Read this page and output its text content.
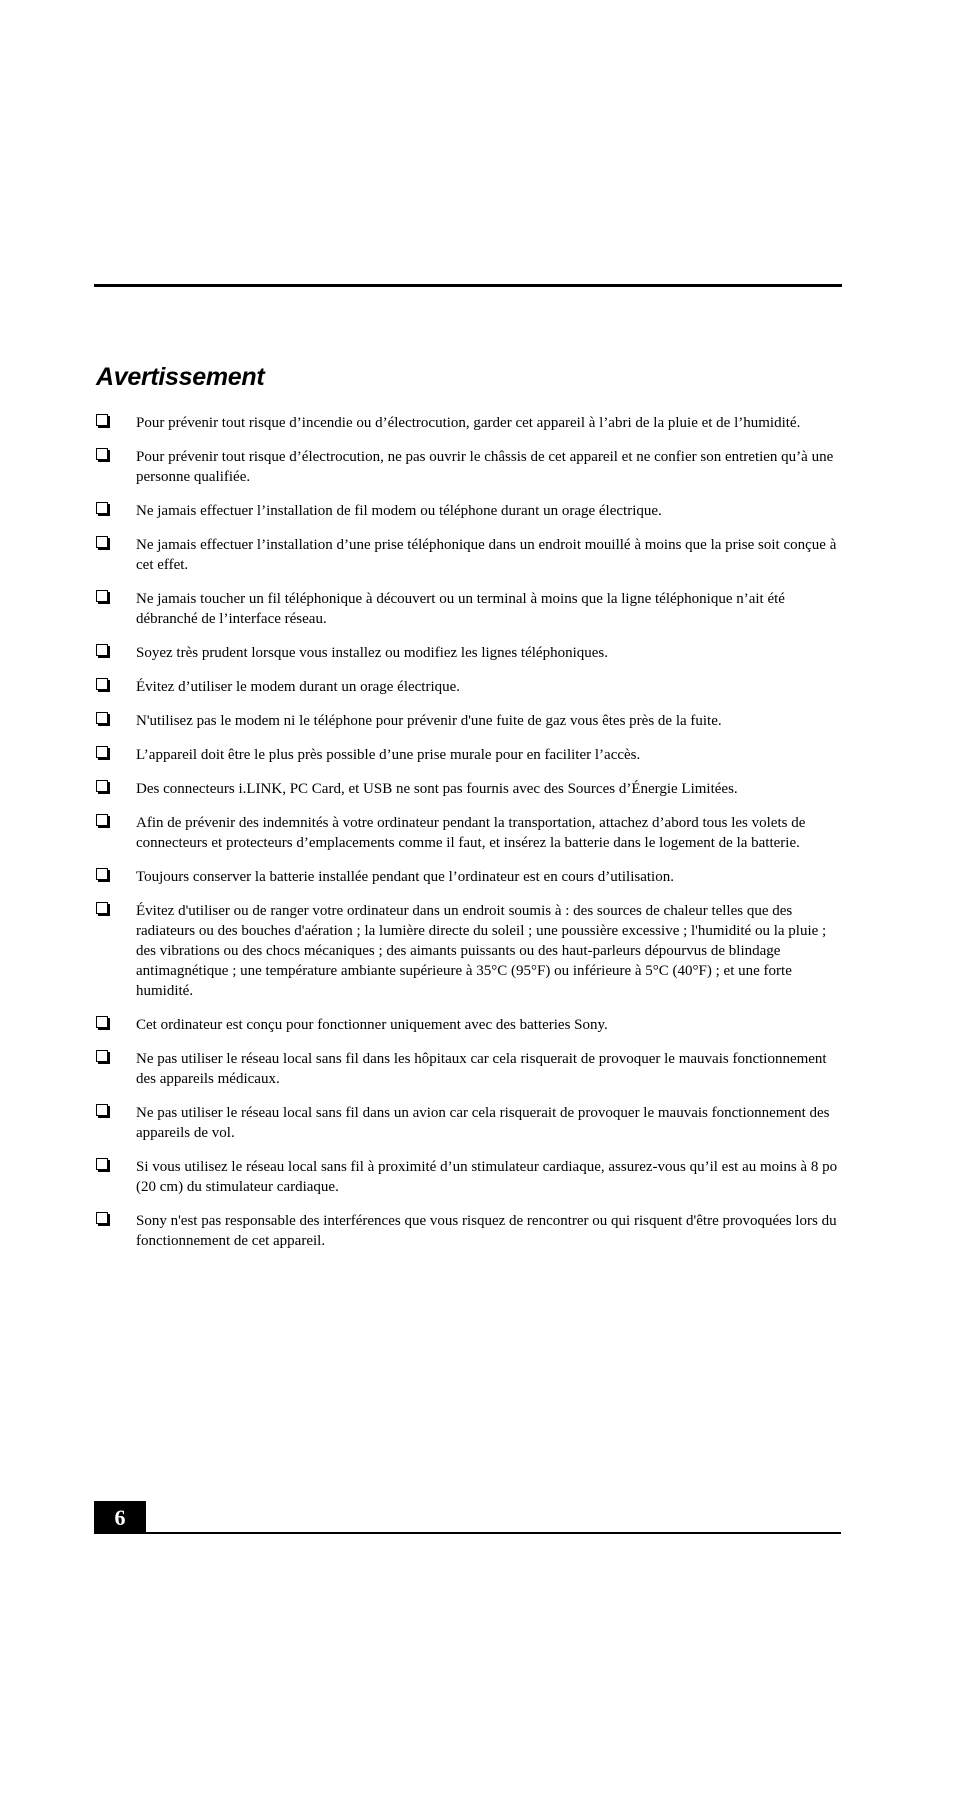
Avertissement
Pour prévenir tout risque d’incendie ou d’électrocution, garder cet appareil à l’abri de la pluie et de l’humidité.
Pour prévenir tout risque d’électrocution, ne pas ouvrir le châssis de cet appareil et ne confier son entretien qu’à une personne qualifiée.
Ne jamais effectuer l’installation de fil modem ou téléphone durant un orage électrique.
Ne jamais effectuer l’installation d’une prise téléphonique dans un endroit mouillé à moins que la prise soit conçue à cet effet.
Ne jamais toucher un fil téléphonique à découvert ou un terminal à moins que la ligne téléphonique n’ait été débranché de l’interface réseau.
Soyez très prudent lorsque vous installez ou modifiez les lignes téléphoniques.
Évitez d’utiliser le modem durant un orage électrique.
N'utilisez pas le modem ni le téléphone pour prévenir d'une fuite de gaz vous êtes près de la fuite.
L’appareil doit être le plus près possible d’une prise murale pour en faciliter l’accès.
Des connecteurs i.LINK, PC Card, et USB ne sont pas fournis avec des Sources d’Énergie Limitées.
Afin de prévenir des indemnités à votre ordinateur pendant la transportation, attachez d’abord tous les volets de connecteurs et protecteurs d’emplacements comme il faut, et insérez la batterie dans le logement de la batterie.
Toujours conserver la batterie installée pendant que l’ordinateur est en cours d’utilisation.
Évitez d'utiliser ou de ranger votre ordinateur dans un endroit soumis à : des sources de chaleur telles que des radiateurs ou des bouches d'aération ; la lumière directe du soleil ; une poussière excessive ; l'humidité ou la pluie ; des vibrations ou des chocs mécaniques ; des aimants puissants ou des haut-parleurs dépourvus de blindage antimagnétique ; une température ambiante supérieure à 35°C (95°F) ou inférieure à 5°C (40°F) ; et une forte humidité.
Cet ordinateur est conçu pour fonctionner uniquement avec des batteries Sony.
Ne pas utiliser le réseau local sans fil dans les hôpitaux car cela risquerait de provoquer le mauvais fonctionnement des appareils médicaux.
Ne pas utiliser le réseau local sans fil dans un avion car cela risquerait de provoquer le mauvais fonctionnement des appareils de vol.
Si vous utilisez le réseau local sans fil à proximité d’un stimulateur cardiaque, assurez-vous qu’il est au moins à 8 po (20 cm) du stimulateur cardiaque.
Sony n'est pas responsable des interférences que vous risquez de rencontrer ou qui risquent d'être provoquées lors du fonctionnement de cet appareil.
6
